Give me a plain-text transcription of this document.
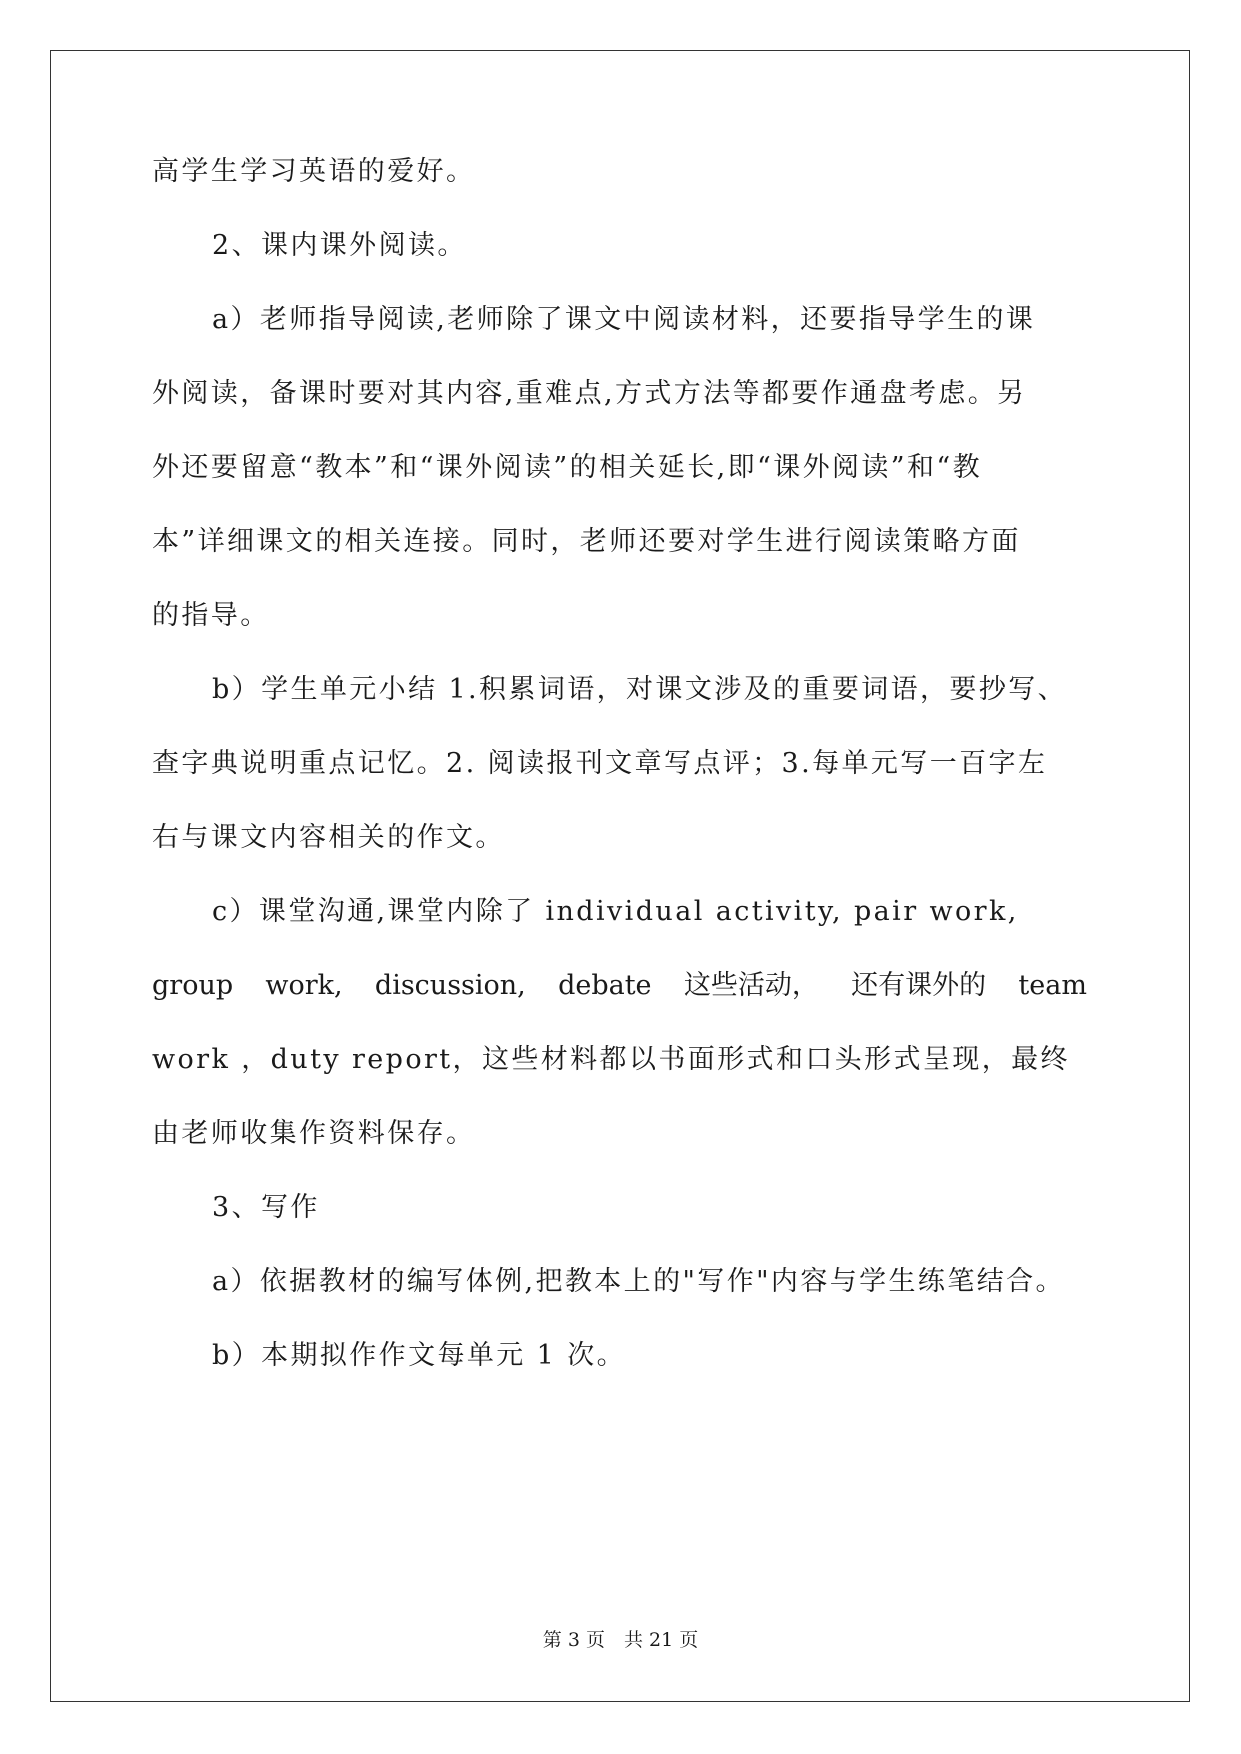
高学生学习英语的爱好。
2、课内课外阅读。
a）老师指导阅读,老师除了课文中阅读材料，还要指导学生的课
外阅读，备课时要对其内容,重难点,方式方法等都要作通盘考虑。另
外还要留意“教本”和“课外阅读”的相关延长,即“课外阅读”和“教
本”详细课文的相关连接。同时，老师还要对学生进行阅读策略方面
的指导。
b）学生单元小结 1.积累词语，对课文涉及的重要词语，要抄写、
查字典说明重点记忆。2. 阅读报刊文章写点评；3.每单元写一百字左
右与课文内容相关的作文。
c）课堂沟通,课堂内除了 individual activity, pair work,
group work, discussion, debate 这些活动， 还有课外的 team
work ，duty report，这些材料都以书面形式和口头形式呈现，最终
由老师收集作资料保存。
3、写作
a）依据教材的编写体例,把教本上的"写作"内容与学生练笔结合。
b）本期拟作作文每单元 1 次。
第 3 页　共 21 页
